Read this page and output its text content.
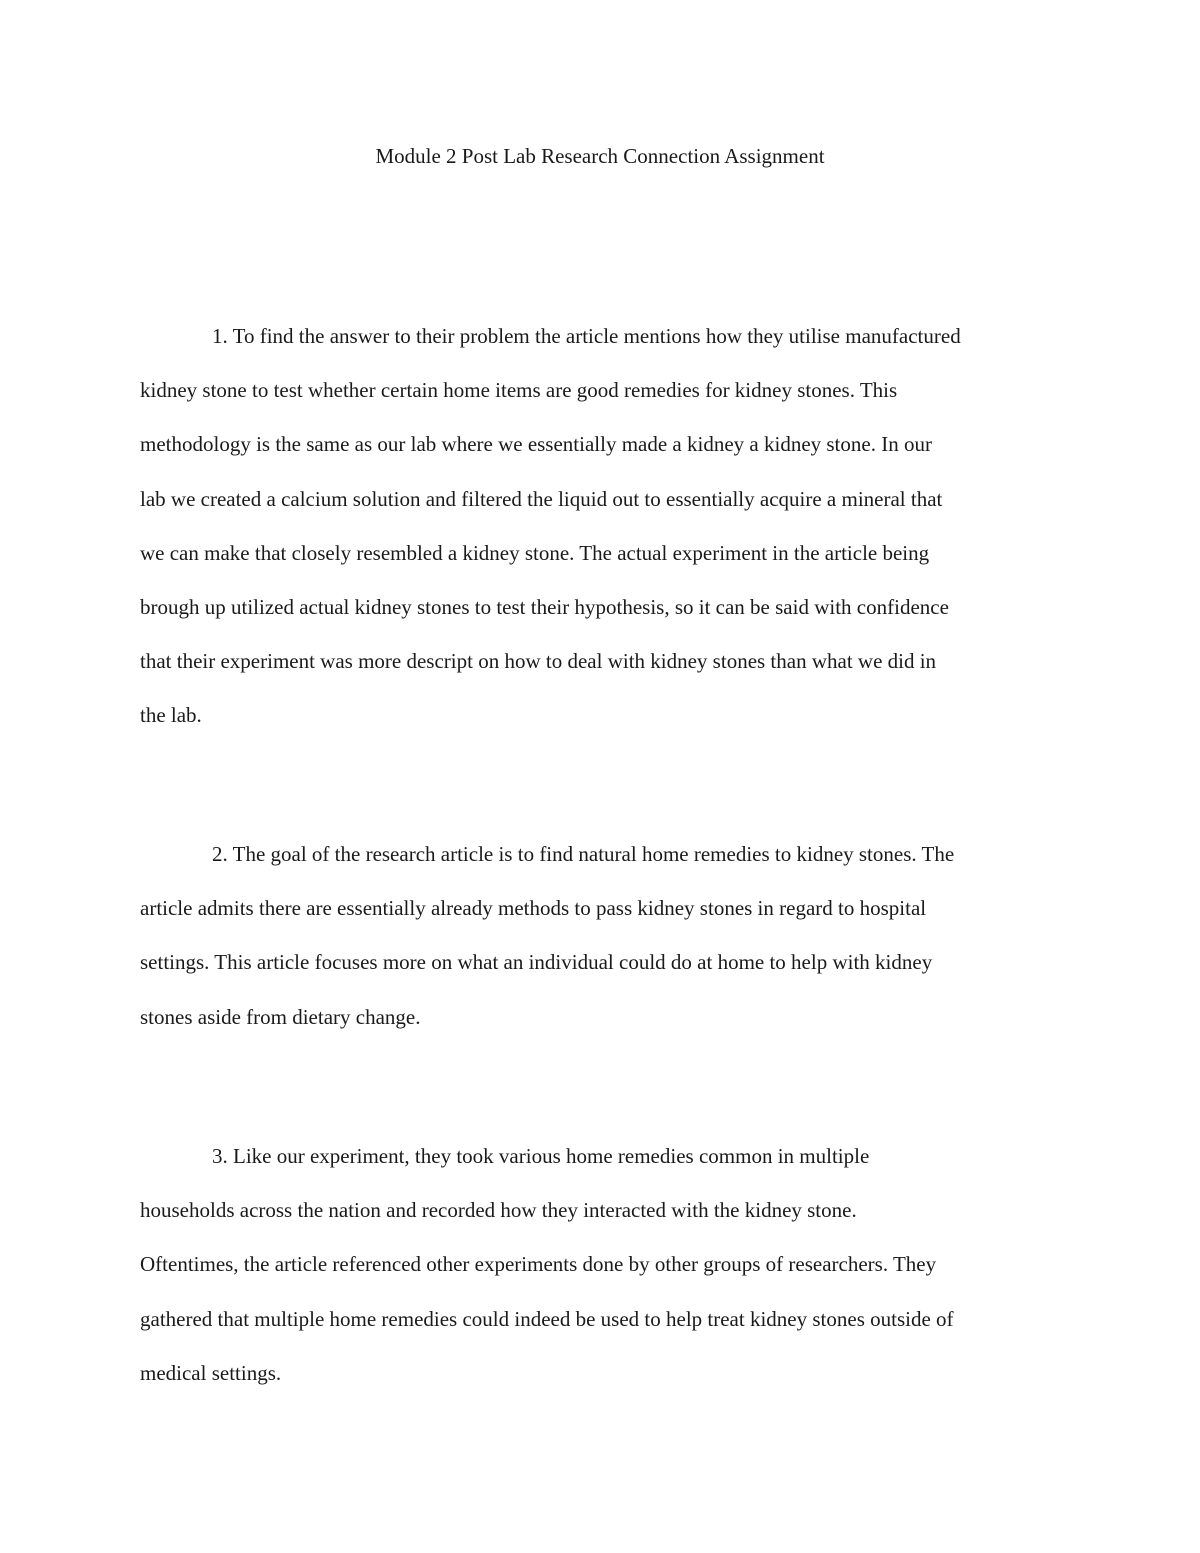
Module 2 Post Lab Research Connection Assignment

1. To find the answer to their problem the article mentions how they utilise manufactured
kidney stone to test whether certain home items are good remedies for kidney stones. This
methodology is the same as our lab where we essentially made a kidney a kidney stone. In our
lab we created a calcium solution and filtered the liquid out to essentially acquire a mineral that
we can make that closely resembled a kidney stone. The actual experiment in the article being
brough up utilized actual kidney stones to test their hypothesis, so it can be said with confidence
that their experiment was more descript on how to deal with kidney stones than what we did in
the lab.

2. The goal of the research article is to find natural home remedies to kidney stones. The
article admits there are essentially already methods to pass kidney stones in regard to hospital
settings. This article focuses more on what an individual could do at home to help with kidney
stones aside from dietary change.

3. Like our experiment, they took various home remedies common in multiple
households across the nation and recorded how they interacted with the kidney stone.
Oftentimes, the article referenced other experiments done by other groups of researchers. They
gathered that multiple home remedies could indeed be used to help treat kidney stones outside of
medical settings.
